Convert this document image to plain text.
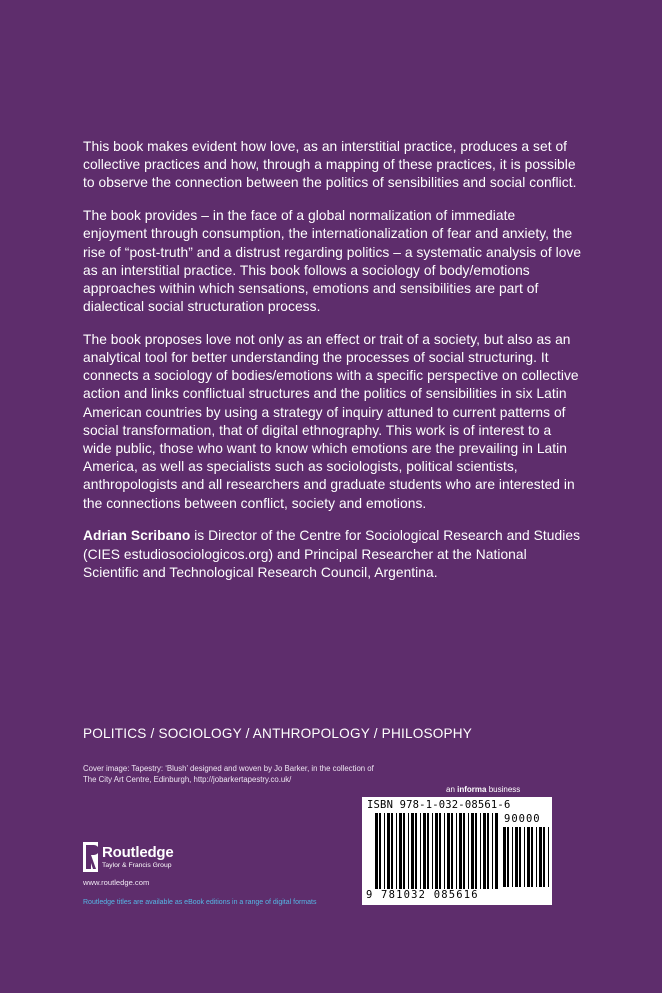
This book makes evident how love, as an interstitial practice, produces a set of collective practices and how, through a mapping of these practices, it is possible to observe the connection between the politics of sensibilities and social conflict.

The book provides – in the face of a global normalization of immediate enjoyment through consumption, the internationalization of fear and anxiety, the rise of “post-truth” and a distrust regarding politics – a systematic analysis of love as an interstitial practice. This book follows a sociology of body/emotions approaches within which sensations, emotions and sensibilities are part of dialectical social structuration process.

The book proposes love not only as an effect or trait of a society, but also as an analytical tool for better understanding the processes of social structuring. It connects a sociology of bodies/emotions with a specific perspective on collective action and links conflictual structures and the politics of sensibilities in six Latin American countries by using a strategy of inquiry attuned to current patterns of social transformation, that of digital ethnography. This work is of interest to a wide public, those who want to know which emotions are the prevailing in Latin America, as well as specialists such as sociologists, political scientists, anthropologists and all researchers and graduate students who are interested in the connections between conflict, society and emotions.

Adrian Scribano is Director of the Centre for Sociological Research and Studies (CIES estudiosociologicos.org) and Principal Researcher at the National Scientific and Technological Research Council, Argentina.

POLITICS / SOCIOLOGY / ANTHROPOLOGY / PHILOSOPHY
Cover image: Tapestry: ‘Blush’ designed and woven by Jo Barker, in the collection of The City Art Centre, Edinburgh, http://jobarkertapestry.co.uk/
an informa business
ISBN 978-1-032-08561-6
90000
9 781032 085616
Routledge
Taylor & Francis Group
www.routledge.com
Routledge titles are available as eBook editions in a range of digital formats
